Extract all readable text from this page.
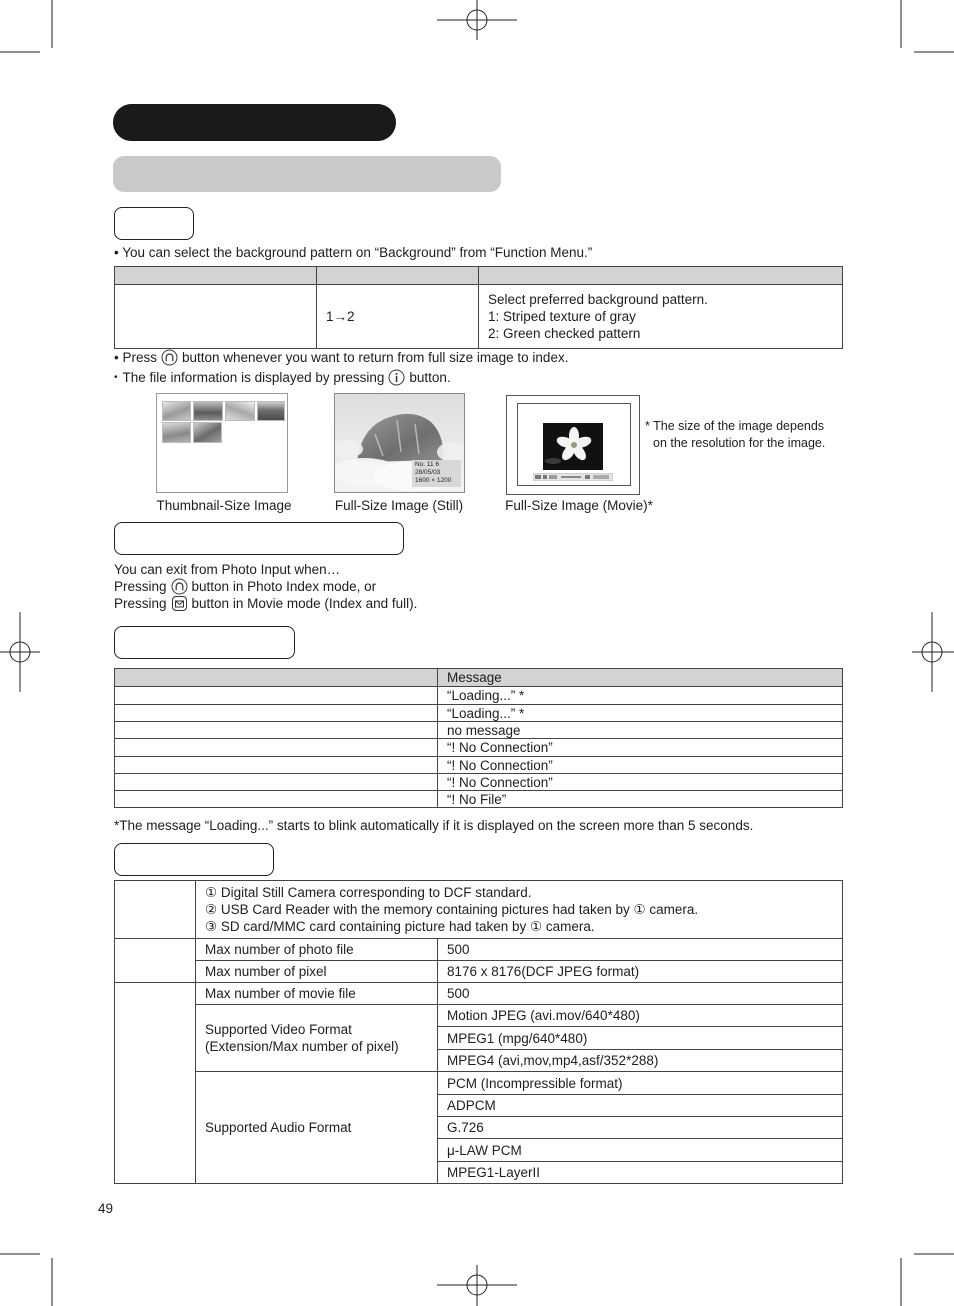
• You can select the background pattern on “Background” from “Function Menu.”

	1→2	Select preferred background pattern.
1: Striped texture of gray
2: Green checked pattern
• Press button whenever you want to return from full size image to index.
• The file information is displayed by pressing button.
No. 11 6
28/05/03
1600 × 1200
* The size of the image depends
on the resolution for the image.
Thumbnail-Size Image	Full-Size Image (Still)	Full-Size Image (Movie)*
You can exit from Photo Input when…
Pressing button in Photo Index mode, or
Pressing button in Movie mode (Index and full).
	Message
	“Loading...” *
	“Loading...” *
	no message
	“! No Connection”
	“! No Connection”
	“! No Connection”
	“! No File”
*The message “Loading...” starts to blink automatically if it is displayed on the screen more than 5 seconds.

	① Digital Still Camera corresponding to DCF standard.
② USB Card Reader with the memory containing pictures had taken by ① camera.
③ SD card/MMC card containing picture had taken by ① camera.	

	Max number of photo file	500
	Max number of pixel	8176 x 8176(DCF JPEG format)
	Max number of movie file	500

	Supported Video Format
(Extension/Max number of pixel)	Motion JPEG (avi.mov/640*480)
		MPEG1 (mpg/640*480)
		MPEG4 (avi,mov,mp4,asf/352*288)
	Supported Audio Format	PCM (Incompressible format)
		ADPCM
		G.726
		μ-LAW PCM
		MPEG1-LayerII
49
